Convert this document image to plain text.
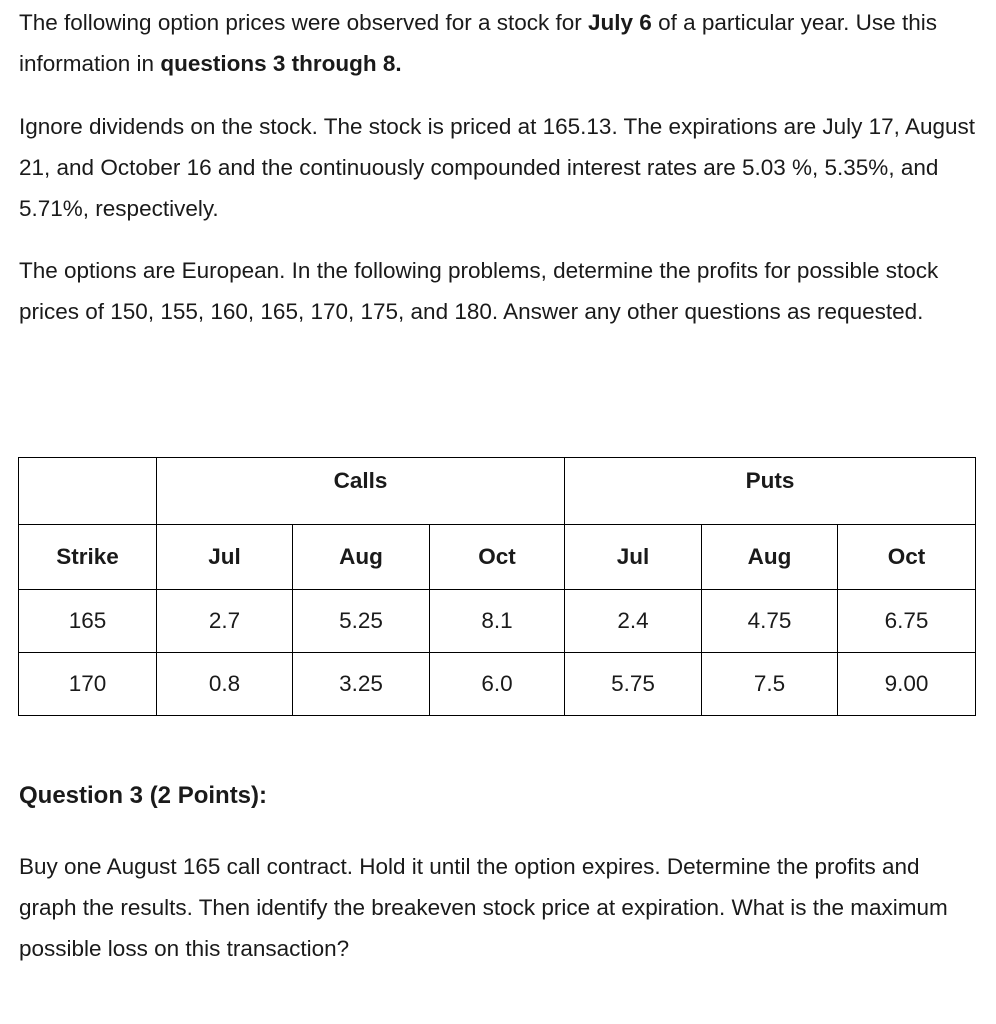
The following option prices were observed for a stock for July 6 of a particular year. Use this information in questions 3 through 8.

Ignore dividends on the stock. The stock is priced at 165.13. The expirations are July 17, August 21, and October 16 and the continuously compounded interest rates are 5.03 %, 5.35%, and 5.71%, respectively.

The options are European. In the following problems, determine the profits for possible stock prices of 150, 155, 160, 165, 170, 175, and 180. Answer any other questions as requested.

	Calls			Puts		
Strike	Jul	Aug	Oct	Jul	Aug	Oct
165	2.7	5.25	8.1	2.4	4.75	6.75
170	0.8	3.25	6.0	5.75	7.5	9.00

Question 3 (2 Points):

Buy one August 165 call contract. Hold it until the option expires. Determine the profits and graph the results. Then identify the breakeven stock price at expiration. What is the maximum possible loss on this transaction?
